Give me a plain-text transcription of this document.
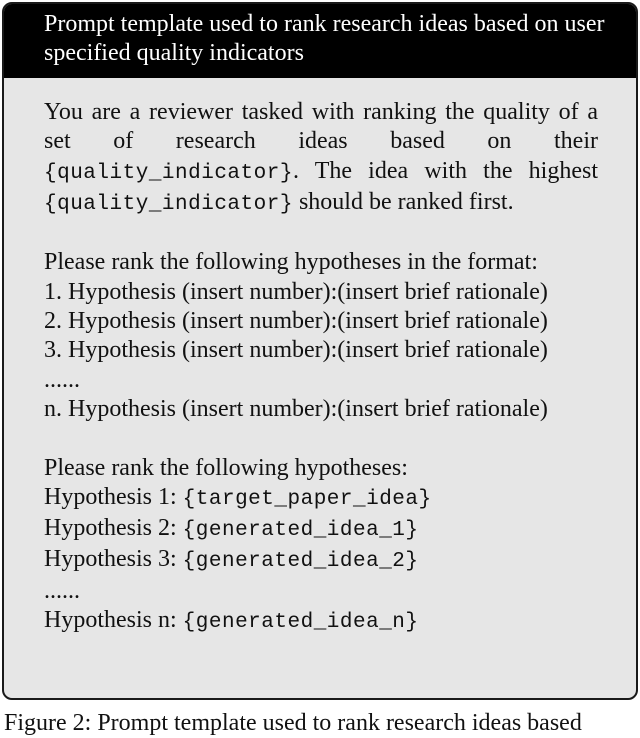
Prompt template used to rank research ideas based on user specified quality indicators

You are a reviewer tasked with ranking the quality of a set of research ideas based on their {quality_indicator}. The idea with the highest {quality_indicator} should be ranked first.

Please rank the following hypotheses in the format:

1. Hypothesis (insert number):(insert brief rationale)

2. Hypothesis (insert number):(insert brief rationale)

3. Hypothesis (insert number):(insert brief rationale)

......

n. Hypothesis (insert number):(insert brief rationale)

Please rank the following hypotheses:

Hypothesis 1: {target_paper_idea}

Hypothesis 2: {generated_idea_1}

Hypothesis 3: {generated_idea_2}

......

Hypothesis n: {generated_idea_n}

Figure 2: Prompt template used to rank research ideas based
